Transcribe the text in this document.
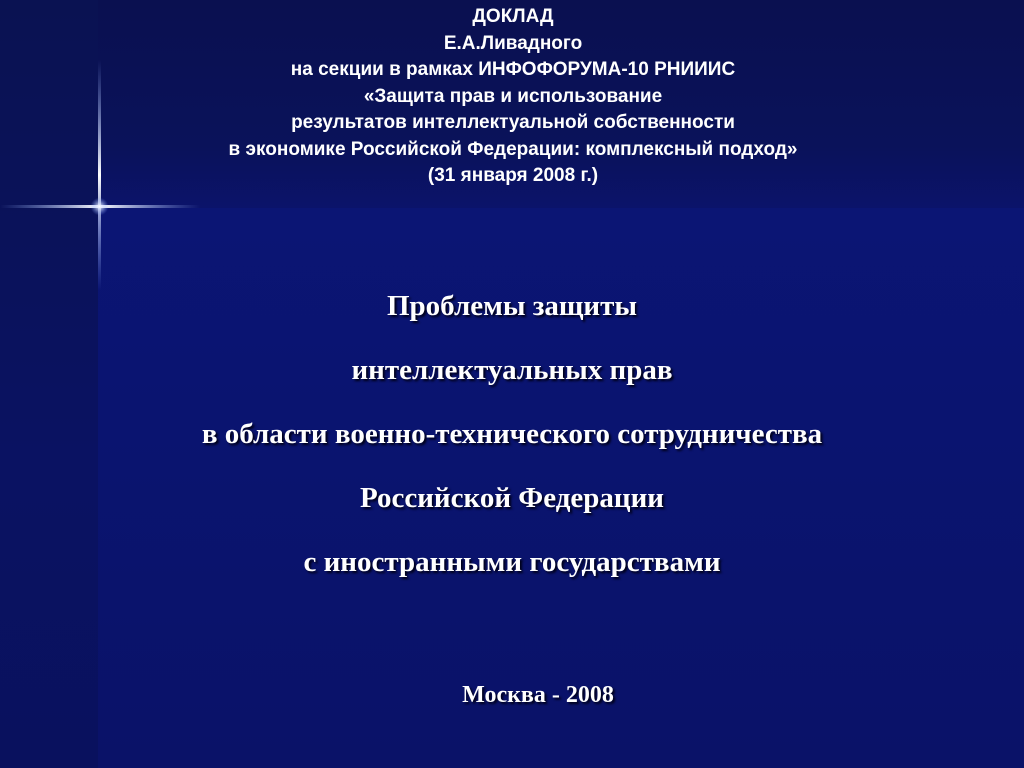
ДОКЛАД
Е.А.Ливадного
на секции в рамках ИНФОФОРУМА-10 РНИИИС
«Защита прав и использование
результатов интеллектуальной собственности
в экономике Российской Федерации: комплексный подход»
(31 января 2008 г.)
Проблемы защиты
интеллектуальных прав
в области военно-технического сотрудничества
Российской Федерации
с иностранными государствами
Москва - 2008
